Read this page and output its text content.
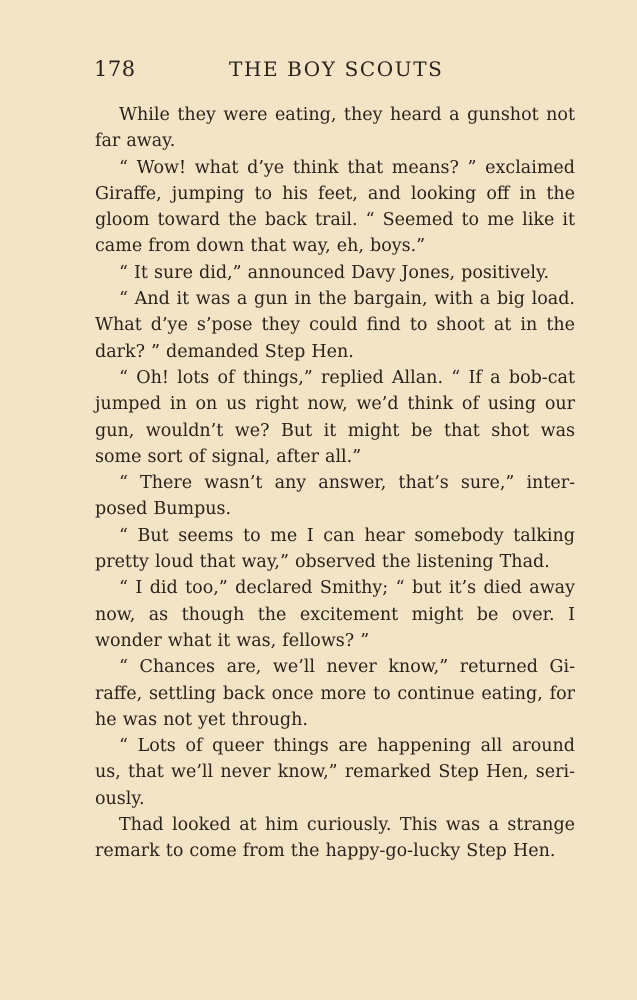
178	THE BOY SCOUTS

While they were eating, they heard a gunshot not far away.

“ Wow! what d’ye think that means? ” exclaimed Giraffe, jumping to his feet, and looking off in the gloom toward the back trail. “ Seemed to me like it came from down that way, eh, boys.”

“ It sure did,” announced Davy Jones, positively.

“ And it was a gun in the bargain, with a big load. What d’ye s’pose they could find to shoot at in the dark? ” demanded Step Hen.

“ Oh! lots of things,” replied Allan. “ If a bob-cat jumped in on us right now, we’d think of using our gun, wouldn’t we? But it might be that shot was some sort of signal, after all.”

“ There wasn’t any answer, that’s sure,” inter-posed Bumpus.

“ But seems to me I can hear somebody talking pretty loud that way,” observed the listening Thad.

“ I did too,” declared Smithy; “ but it’s died away now, as though the excitement might be over. I wonder what it was, fellows? ”

“ Chances are, we’ll never know,” returned Gi-raffe, settling back once more to continue eating, for he was not yet through.

“ Lots of queer things are happening all around us, that we’ll never know,” remarked Step Hen, seri-ously.

Thad looked at him curiously. This was a strange remark to come from the happy-go-lucky Step Hen.
